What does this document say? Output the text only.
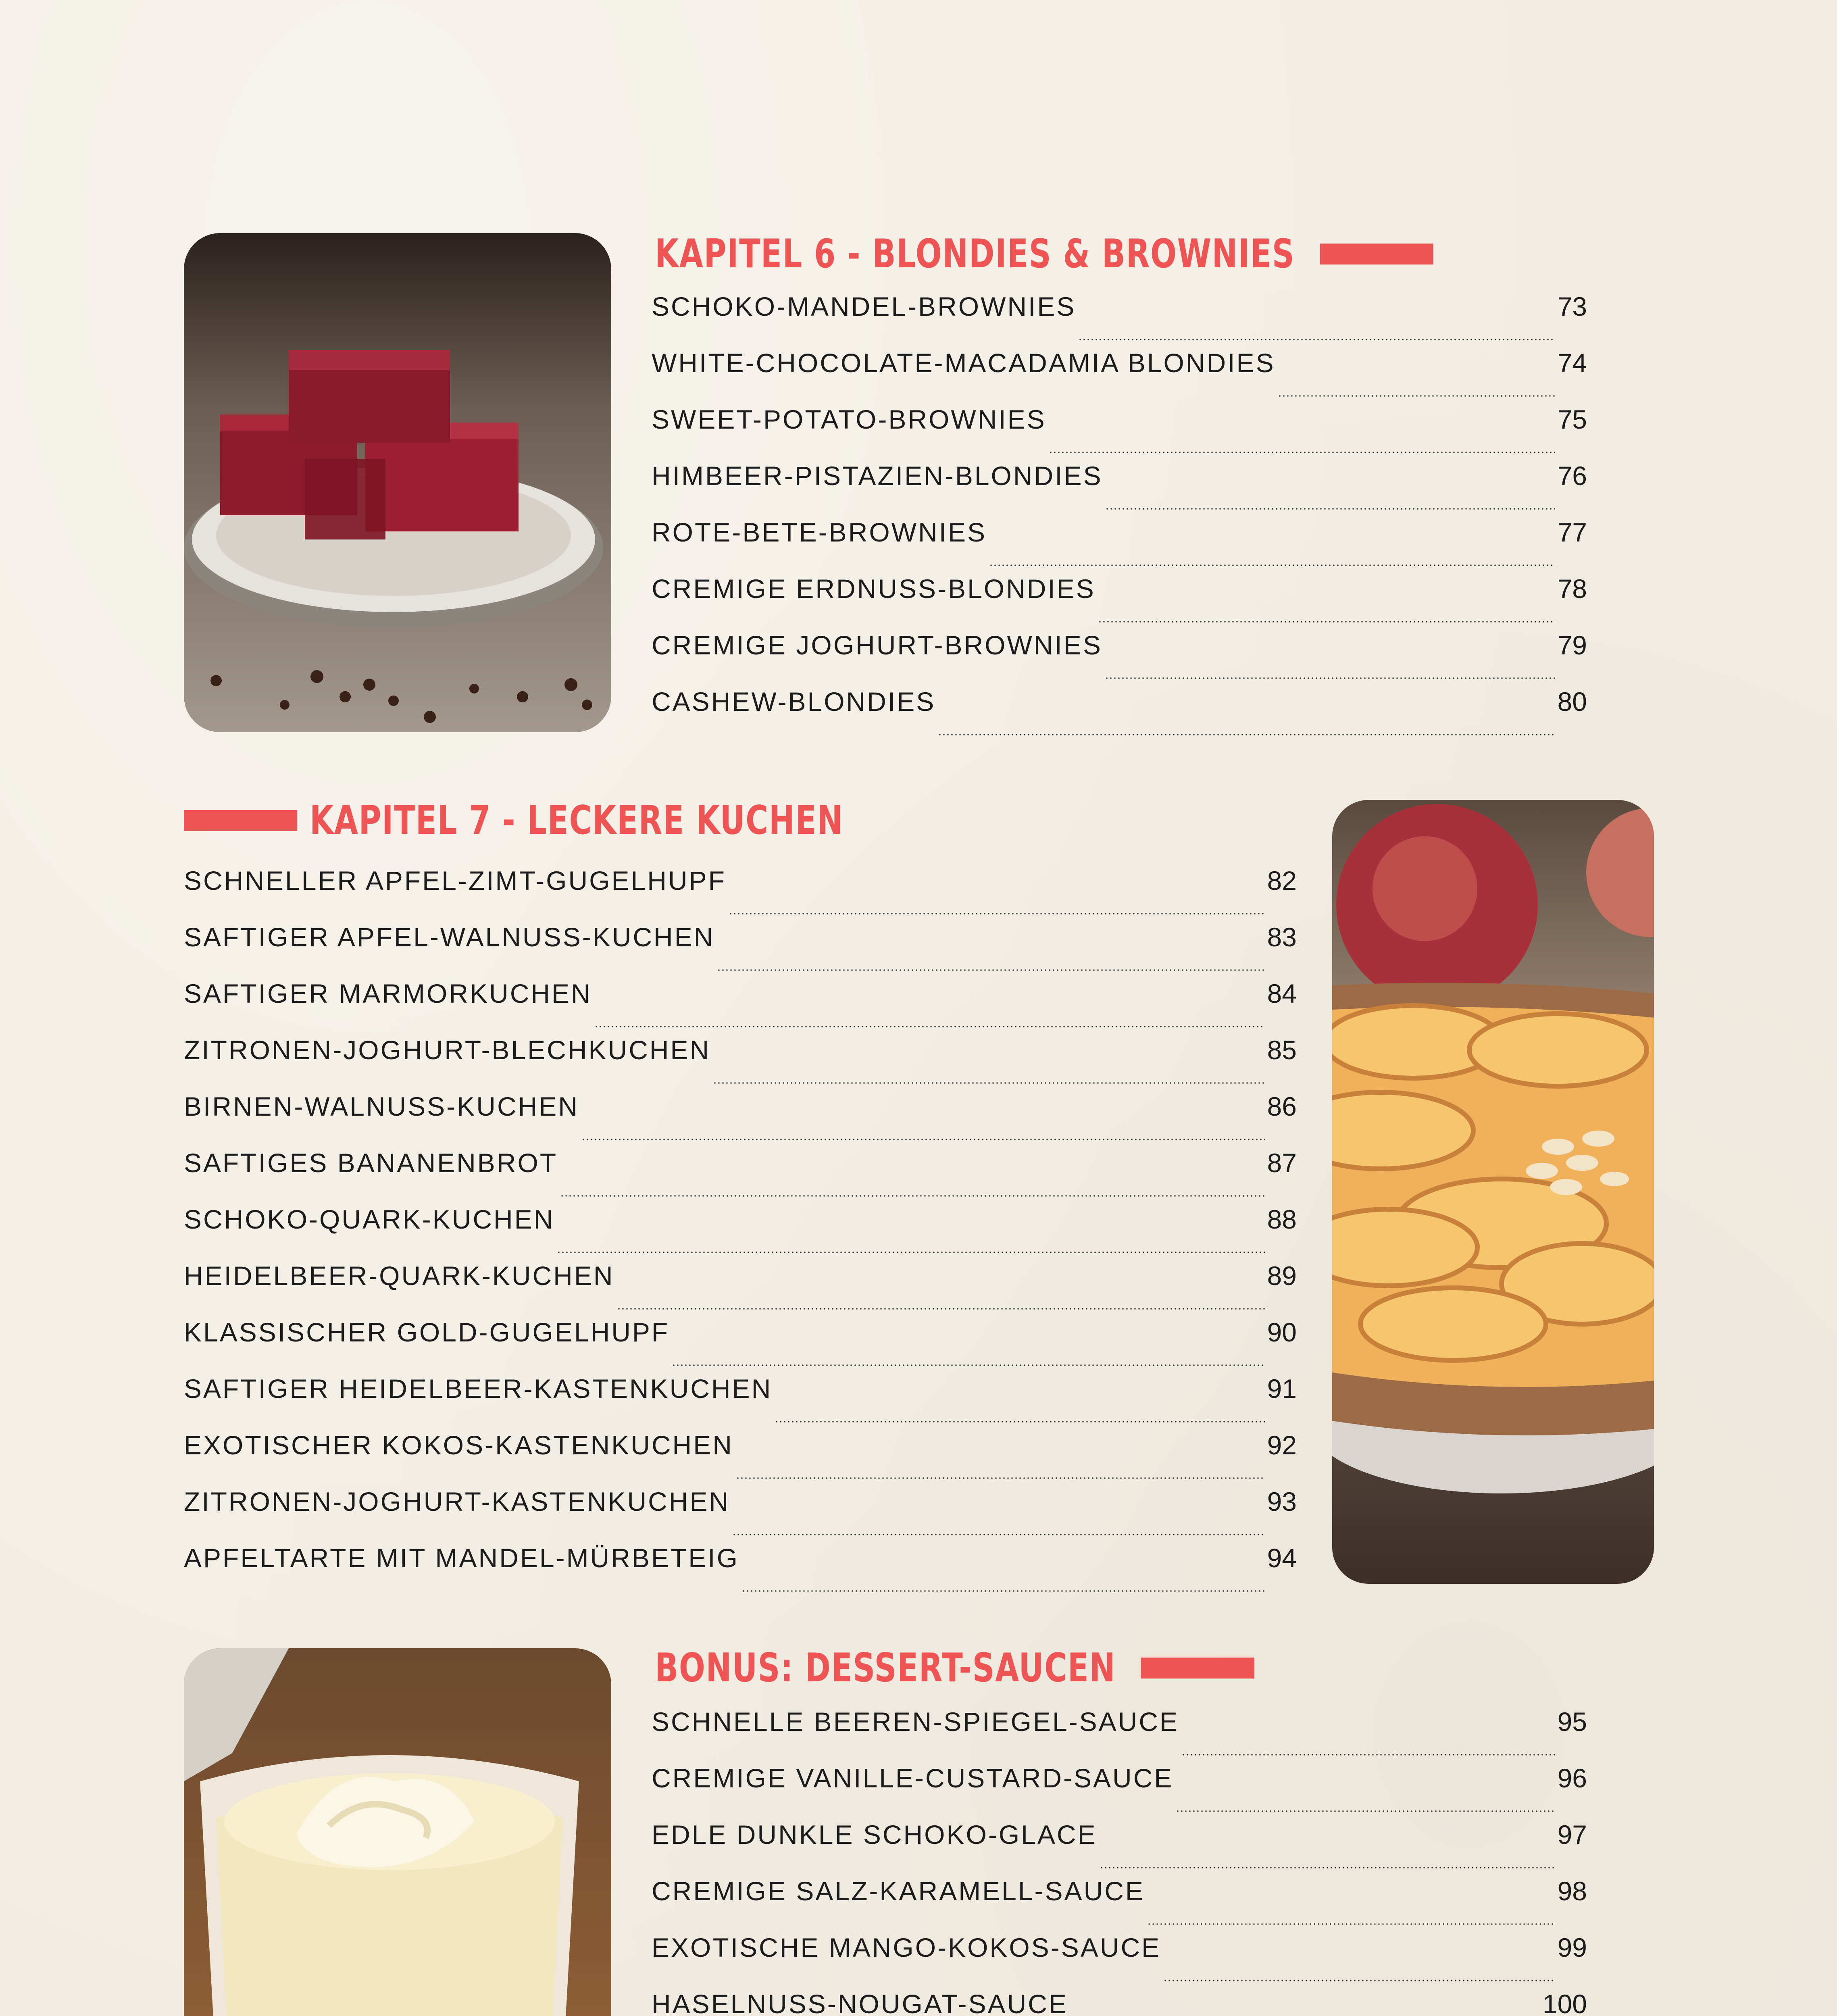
KAPITEL 6 - BLONDIES & BROWNIES
SCHOKO-MANDEL-BROWNIES	73
WHITE-CHOCOLATE-MACADAMIA BLONDIES	74
SWEET-POTATO-BROWNIES	75
HIMBEER-PISTAZIEN-BLONDIES	76
ROTE-BETE-BROWNIES	77
CREMIGE ERDNUSS-BLONDIES	78
CREMIGE JOGHURT-BROWNIES	79
CASHEW-BLONDIES	80
KAPITEL 7 - LECKERE KUCHEN
SCHNELLER APFEL-ZIMT-GUGELHUPF	82
SAFTIGER APFEL-WALNUSS-KUCHEN	83
SAFTIGER MARMORKUCHEN	84
ZITRONEN-JOGHURT-BLECHKUCHEN	85
BIRNEN-WALNUSS-KUCHEN	86
SAFTIGES BANANENBROT	87
SCHOKO-QUARK-KUCHEN	88
HEIDELBEER-QUARK-KUCHEN	89
KLASSISCHER GOLD-GUGELHUPF	90
SAFTIGER HEIDELBEER-KASTENKUCHEN	91
EXOTISCHER KOKOS-KASTENKUCHEN	92
ZITRONEN-JOGHURT-KASTENKUCHEN	93
APFELTARTE MIT MANDEL-MÜRBETEIG	94
BONUS: DESSERT-SAUCEN
SCHNELLE BEEREN-SPIEGEL-SAUCE	95
CREMIGE VANILLE-CUSTARD-SAUCE	96
EDLE DUNKLE SCHOKO-GLACE	97
CREMIGE SALZ-KARAMELL-SAUCE	98
EXOTISCHE MANGO-KOKOS-SAUCE	99
HASELNUSS-NOUGAT-SAUCE	100
